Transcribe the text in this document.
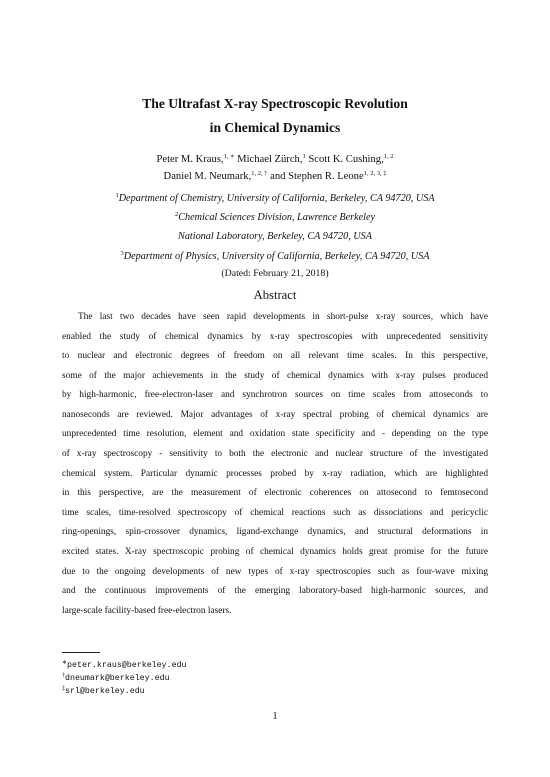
The Ultrafast X-ray Spectroscopic Revolution
in Chemical Dynamics
Peter M. Kraus,$^{1, ∗}$ Michael Zürch,$^1$ Scott K. Cushing,$^{1, 2}$
Daniel M. Neumark,$^{1, 2, \dagger}$ and Stephen R. Leone$^{1, 2, 3, \ddagger}$
$^1$Department of Chemistry, University of California, Berkeley, CA 94720, USA
$^2$Chemical Sciences Division, Lawrence Berkeley
National Laboratory, Berkeley, CA 94720, USA
$^3$Department of Physics, University of California, Berkeley, CA 94720, USA
(Dated: February 21, 2018)
Abstract
The last two decades have seen rapid developments in short-pulse x-ray sources, which have
enabled the study of chemical dynamics by x-ray spectroscopies with unprecedented sensitivity
to nuclear and electronic degrees of freedom on all relevant time scales. In this perspective,
some of the major achievements in the study of chemical dynamics with x-ray pulses produced
by high-harmonic, free-electron-laser and synchrotron sources on time scales from attoseconds to
nanoseconds are reviewed. Major advantages of x-ray spectral probing of chemical dynamics are
unprecedented time resolution, element and oxidation state specificity and - depending on the type
of x-ray spectroscopy - sensitivity to both the electronic and nuclear structure of the investigated
chemical system. Particular dynamic processes probed by x-ray radiation, which are highlighted
in this perspective, are the measurement of electronic coherences on attosecond to femtosecond
time scales, time-resolved spectroscopy of chemical reactions such as dissociations and pericyclic
ring-openings, spin-crossover dynamics, ligand-exchange dynamics, and structural deformations in
excited states. X-ray spectroscopic probing of chemical dynamics holds great promise for the future
due to the ongoing developments of new types of x-ray spectroscopies such as four-wave mixing
and the continuous improvements of the emerging laboratory-based high-harmonic sources, and
large-scale facility-based free-electron lasers.
∗peter.kraus@berkeley.edu
†dneumark@berkeley.edu
‡srl@berkeley.edu
1
